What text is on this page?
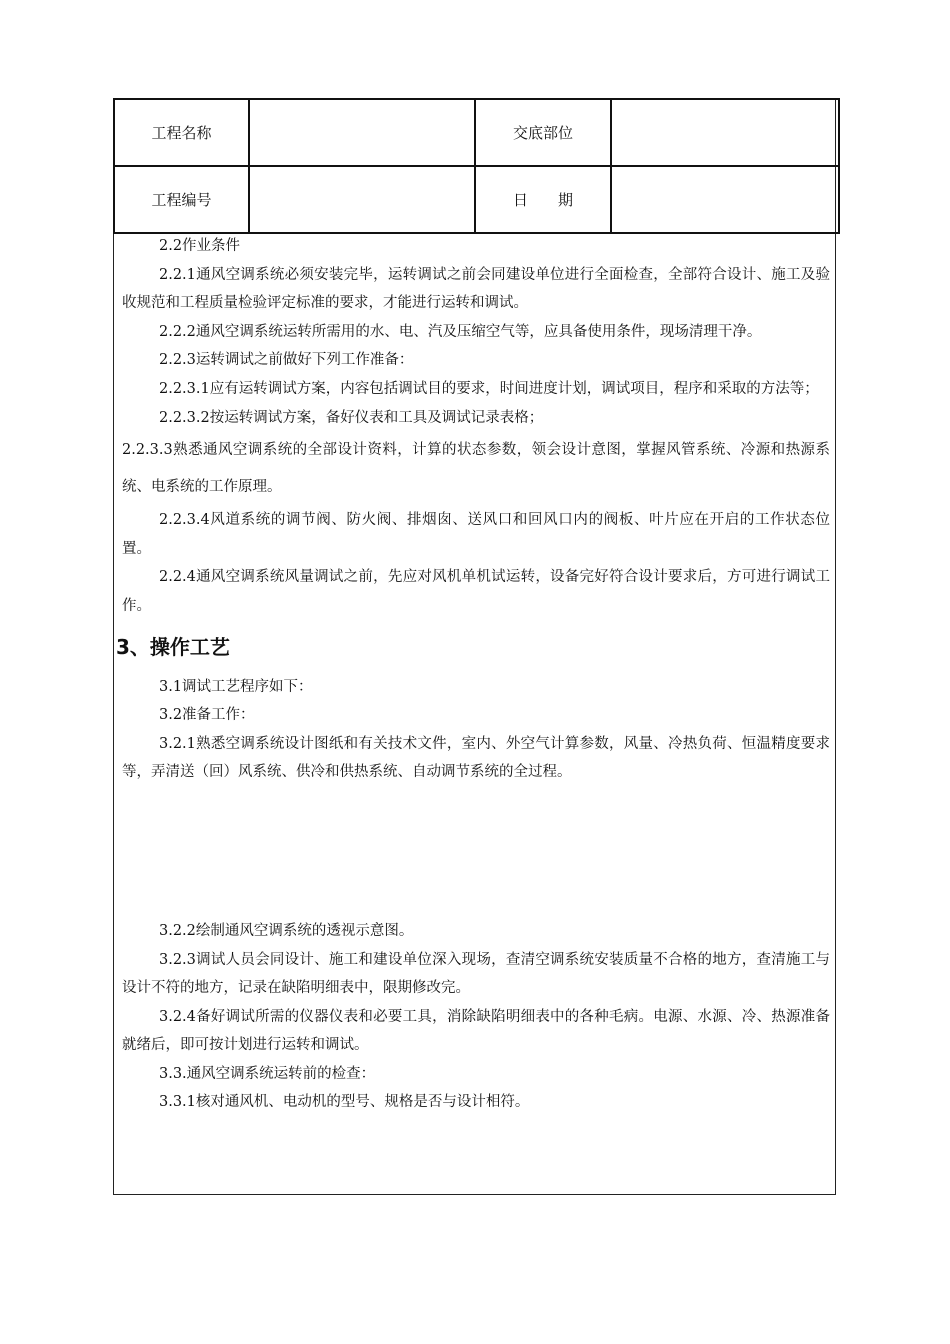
工程名称		交底部位	
工程编号		日　　期	

2.2作业条件

2.2.1通风空调系统必须安装完毕，运转调试之前会同建设单位进行全面检查，全部符合设计、施工及验收规范和工程质量检验评定标准的要求，才能进行运转和调试。

2.2.2通风空调系统运转所需用的水、电、汽及压缩空气等，应具备使用条件，现场清理干净。

2.2.3运转调试之前做好下列工作准备：

2.2.3.1应有运转调试方案，内容包括调试目的要求，时间进度计划，调试项目，程序和采取的方法等；

2.2.3.2按运转调试方案，备好仪表和工具及调试记录表格；

2.2.3.3熟悉通风空调系统的全部设计资料，计算的状态参数，领会设计意图，掌握风管系统、冷源和热源系统、电系统的工作原理。

2.2.3.4风道系统的调节阀、防火阀、排烟囱、送风口和回风口内的阀板、叶片应在开启的工作状态位置。

2.2.4通风空调系统风量调试之前，先应对风机单机试运转，设备完好符合设计要求后，方可进行调试工作。

3、操作工艺

3.1调试工艺程序如下：

3.2准备工作：

3.2.1熟悉空调系统设计图纸和有关技术文件，室内、外空气计算参数，风量、冷热负荷、恒温精度要求等，弄清送（回）风系统、供冷和供热系统、自动调节系统的全过程。

3.2.2绘制通风空调系统的透视示意图。

3.2.3调试人员会同设计、施工和建设单位深入现场，查清空调系统安装质量不合格的地方，查清施工与设计不符的地方，记录在缺陷明细表中，限期修改完。

3.2.4备好调试所需的仪器仪表和必要工具，消除缺陷明细表中的各种毛病。电源、水源、冷、热源准备就绪后，即可按计划进行运转和调试。

3.3.通风空调系统运转前的检查：

3.3.1核对通风机、电动机的型号、规格是否与设计相符。
